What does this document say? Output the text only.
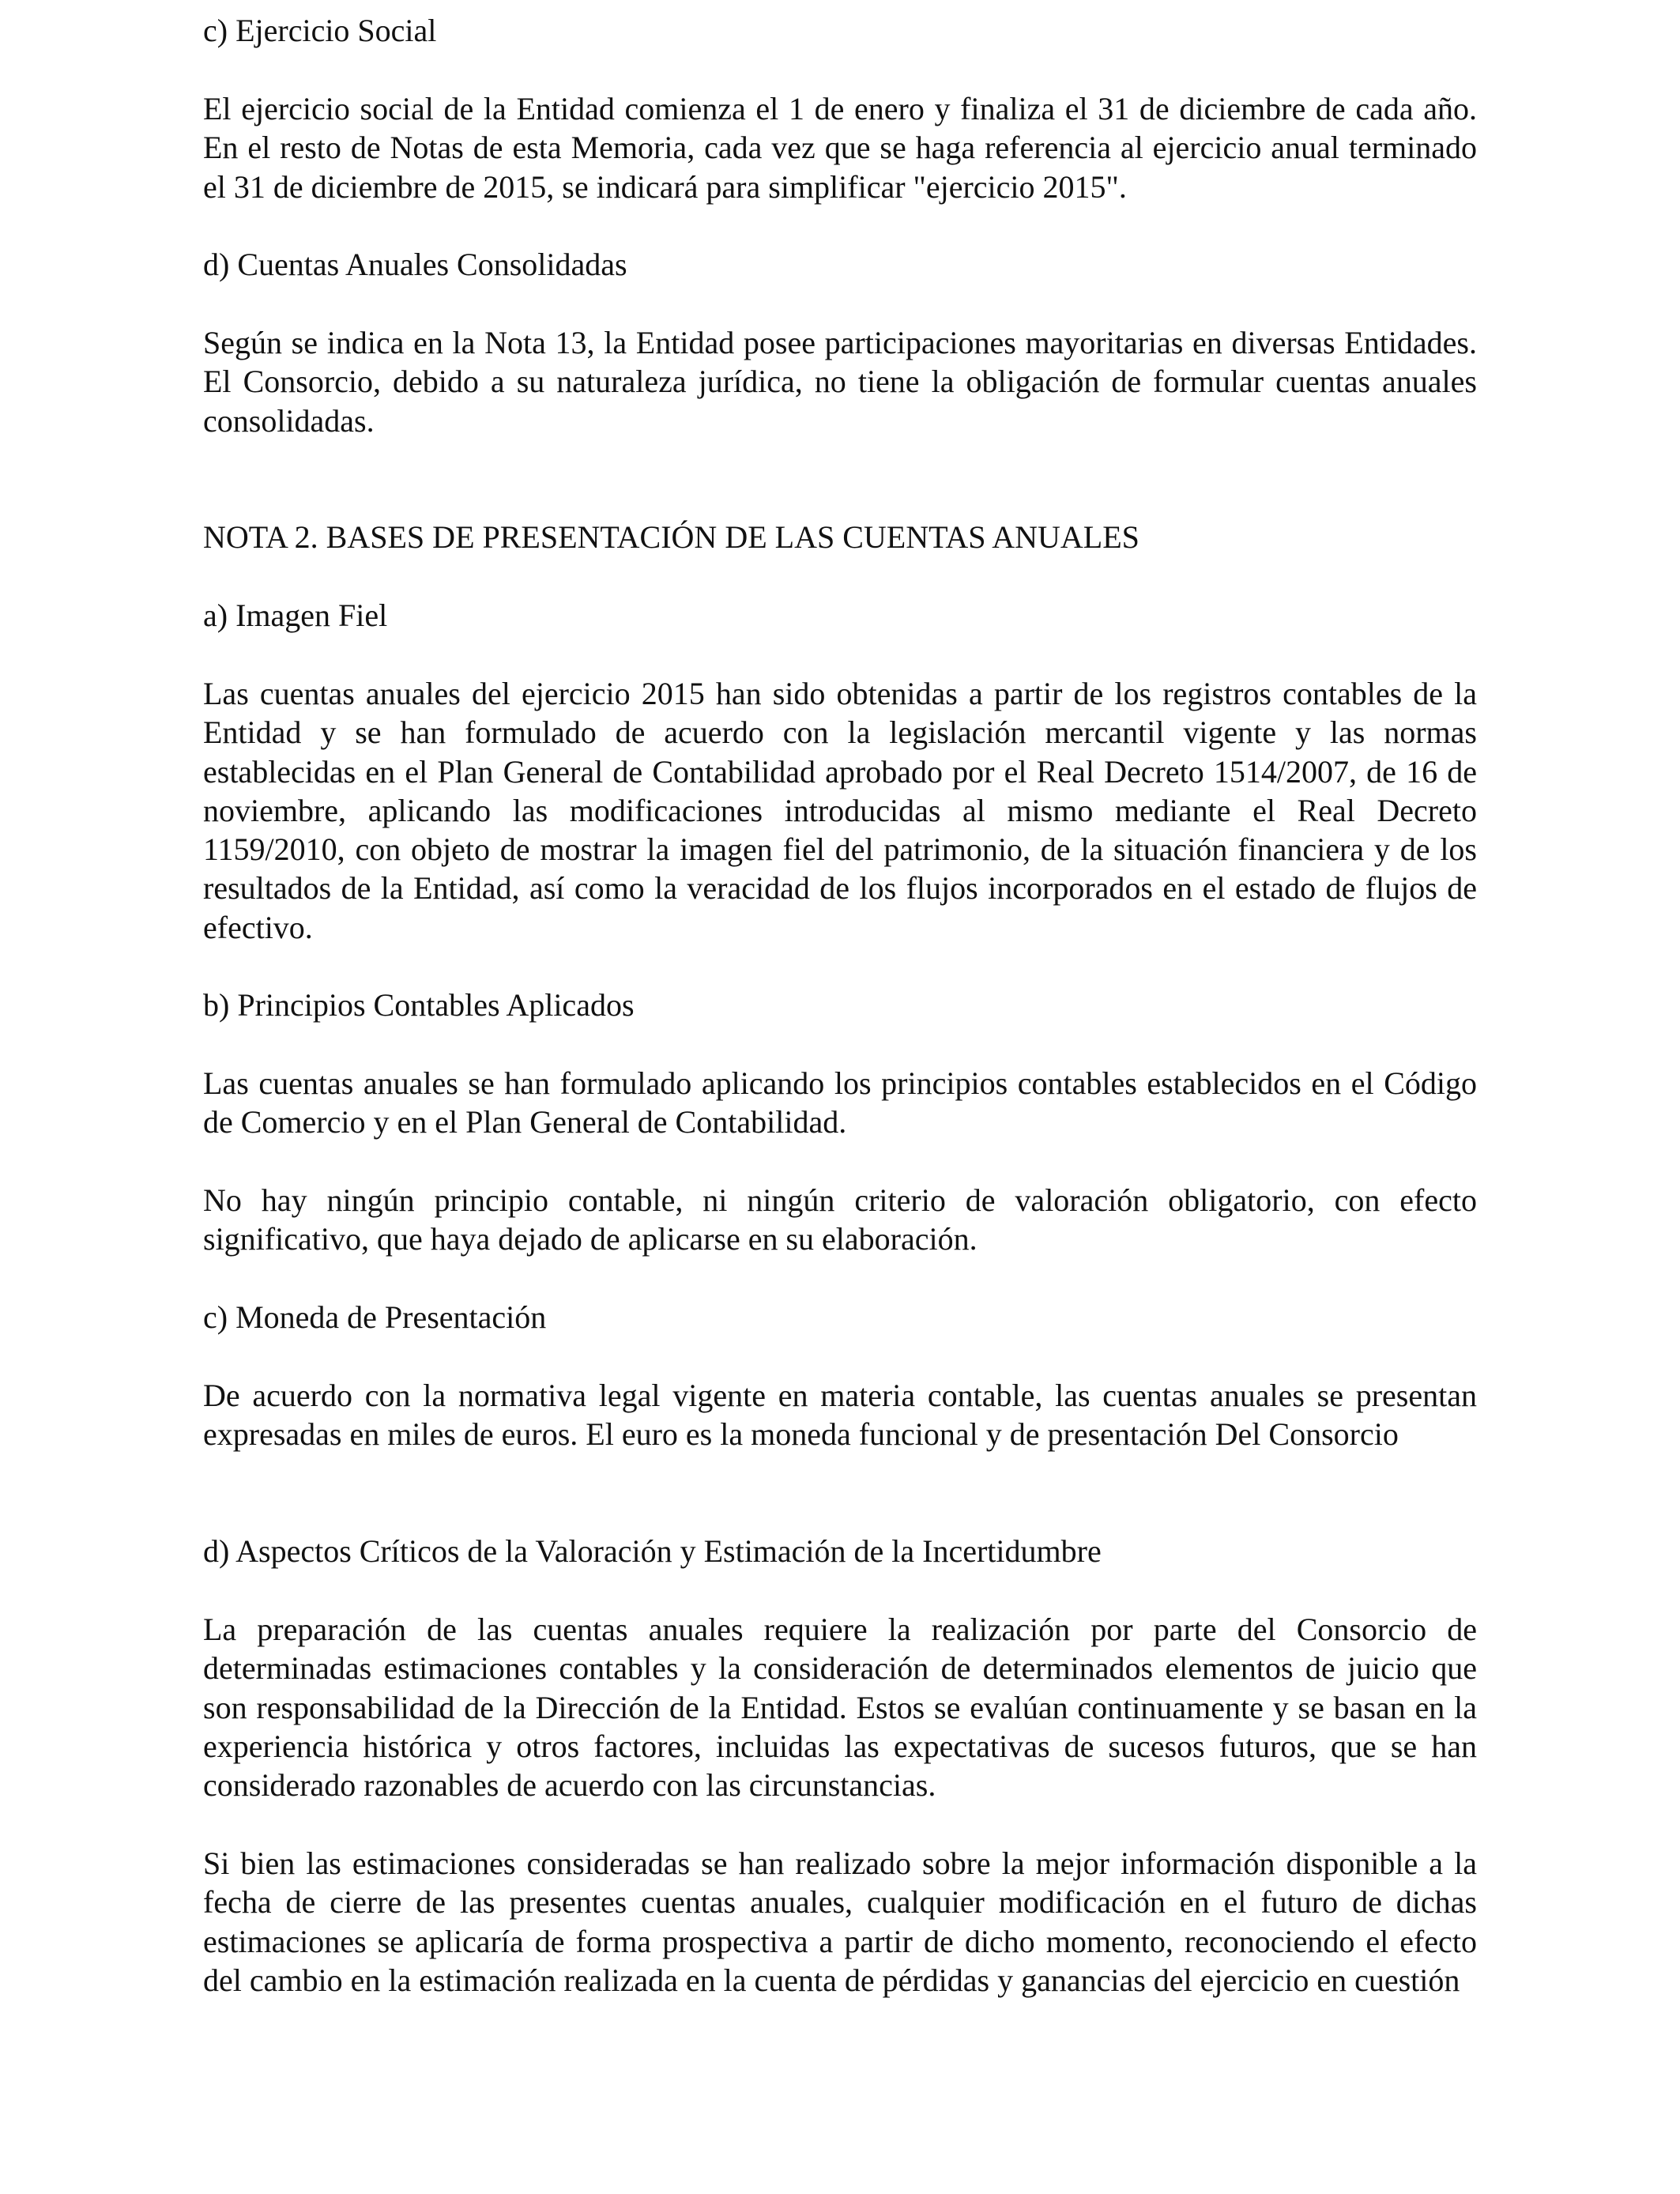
c) Ejercicio Social

El ejercicio social de la Entidad comienza el 1 de enero y finaliza el 31 de diciembre de cada año. En el resto de Notas de esta Memoria, cada vez que se haga referencia al ejercicio anual terminado el 31 de diciembre de 2015, se indicará para simplificar "ejercicio 2015".

d) Cuentas Anuales Consolidadas

Según se indica en la Nota 13, la Entidad posee participaciones mayoritarias en diversas Entidades. El Consorcio, debido a su naturaleza jurídica, no tiene la obligación de formular cuentas anuales consolidadas.

NOTA 2. BASES DE PRESENTACIÓN DE LAS CUENTAS ANUALES
a) Imagen Fiel

Las cuentas anuales del ejercicio 2015 han sido obtenidas a partir de los registros contables de la Entidad y se han formulado de acuerdo con la legislación mercantil vigente y las normas establecidas en el Plan General de Contabilidad aprobado por el Real Decreto 1514/2007, de 16 de noviembre, aplicando las modificaciones introducidas al mismo mediante el Real Decreto 1159/2010, con objeto de mostrar la imagen fiel del patrimonio, de la situación financiera y de los resultados de la Entidad, así como la veracidad de los flujos incorporados en el estado de flujos de efectivo.

b) Principios Contables Aplicados

Las cuentas anuales se han formulado aplicando los principios contables establecidos en el Código de Comercio y en el Plan General de Contabilidad.

No hay ningún principio contable, ni ningún criterio de valoración obligatorio, con efecto significativo, que haya dejado de aplicarse en su elaboración.

c) Moneda de Presentación

De acuerdo con la normativa legal vigente en materia contable, las cuentas anuales se presentan expresadas en miles de euros. El euro es la moneda funcional y de presentación Del Consorcio

d) Aspectos Críticos de la Valoración y Estimación de la Incertidumbre

La preparación de las cuentas anuales requiere la realización por parte del Consorcio de determinadas estimaciones contables y la consideración de determinados elementos de juicio que son responsabilidad de la Dirección de la Entidad. Estos se evalúan continuamente y se basan en la experiencia histórica y otros factores, incluidas las expectativas de sucesos futuros, que se han considerado razonables de acuerdo con las circunstancias.

Si bien las estimaciones consideradas se han realizado sobre la mejor información disponible a la fecha de cierre de las presentes cuentas anuales, cualquier modificación en el futuro de dichas estimaciones se aplicaría de forma prospectiva a partir de dicho momento, reconociendo el efecto del cambio en la estimación realizada en la cuenta de pérdidas y ganancias del ejercicio en cuestión
